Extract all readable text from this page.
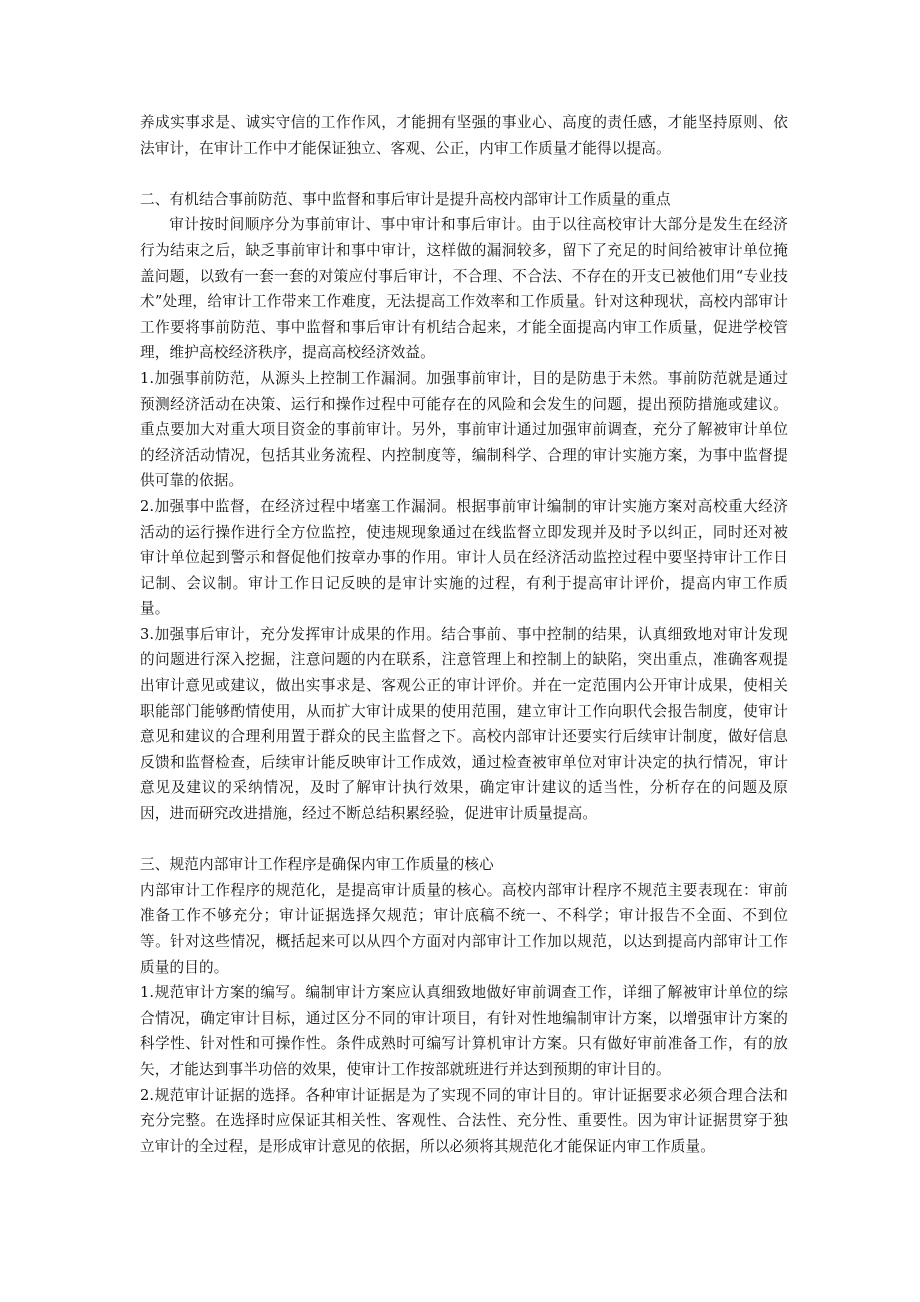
养成实事求是、诚实守信的工作作风，才能拥有坚强的事业心、高度的责任感，才能坚持原则、依法审计，在审计工作中才能保证独立、客观、公正，内审工作质量才能得以提高。

二、有机结合事前防范、事中监督和事后审计是提升高校内部审计工作质量的重点

审计按时间顺序分为事前审计、事中审计和事后审计。由于以往高校审计大部分是发生在经济行为结束之后，缺乏事前审计和事中审计，这样做的漏洞较多，留下了充足的时间给被审计单位掩盖问题，以致有一套一套的对策应付事后审计，不合理、不合法、不存在的开支已被他们用“专业技术”处理，给审计工作带来工作难度，无法提高工作效率和工作质量。针对这种现状，高校内部审计工作要将事前防范、事中监督和事后审计有机结合起来，才能全面提高内审工作质量，促进学校管理，维护高校经济秩序，提高高校经济效益。

1.加强事前防范，从源头上控制工作漏洞。加强事前审计，目的是防患于未然。事前防范就是通过预测经济活动在决策、运行和操作过程中可能存在的风险和会发生的问题，提出预防措施或建议。重点要加大对重大项目资金的事前审计。另外，事前审计通过加强审前调查，充分了解被审计单位的经济活动情况，包括其业务流程、内控制度等，编制科学、合理的审计实施方案，为事中监督提供可靠的依据。

2.加强事中监督，在经济过程中堵塞工作漏洞。根据事前审计编制的审计实施方案对高校重大经济活动的运行操作进行全方位监控，使违规现象通过在线监督立即发现并及时予以纠正，同时还对被审计单位起到警示和督促他们按章办事的作用。审计人员在经济活动监控过程中要坚持审计工作日记制、会议制。审计工作日记反映的是审计实施的过程，有利于提高审计评价，提高内审工作质量。

3.加强事后审计，充分发挥审计成果的作用。结合事前、事中控制的结果，认真细致地对审计发现的问题进行深入挖掘，注意问题的内在联系，注意管理上和控制上的缺陷，突出重点，准确客观提出审计意见或建议，做出实事求是、客观公正的审计评价。并在一定范围内公开审计成果，使相关职能部门能够酌情使用，从而扩大审计成果的使用范围，建立审计工作向职代会报告制度，使审计意见和建议的合理利用置于群众的民主监督之下。高校内部审计还要实行后续审计制度，做好信息反馈和监督检查，后续审计能反映审计工作成效，通过检查被审单位对审计决定的执行情况，审计意见及建议的采纳情况，及时了解审计执行效果，确定审计建议的适当性，分析存在的问题及原因，进而研究改进措施，经过不断总结积累经验，促进审计质量提高。

三、规范内部审计工作程序是确保内审工作质量的核心

内部审计工作程序的规范化，是提高审计质量的核心。高校内部审计程序不规范主要表现在：审前准备工作不够充分；审计证据选择欠规范；审计底稿不统一、不科学；审计报告不全面、不到位等。针对这些情况，概括起来可以从四个方面对内部审计工作加以规范，以达到提高内部审计工作质量的目的。

1.规范审计方案的编写。编制审计方案应认真细致地做好审前调查工作，详细了解被审计单位的综合情况，确定审计目标，通过区分不同的审计项目，有针对性地编制审计方案，以增强审计方案的科学性、针对性和可操作性。条件成熟时可编写计算机审计方案。只有做好审前准备工作，有的放矢，才能达到事半功倍的效果，使审计工作按部就班进行并达到预期的审计目的。

2.规范审计证据的选择。各种审计证据是为了实现不同的审计目的。审计证据要求必须合理合法和充分完整。在选择时应保证其相关性、客观性、合法性、充分性、重要性。因为审计证据贯穿于独立审计的全过程，是形成审计意见的依据，所以必须将其规范化才能保证内审工作质量。
